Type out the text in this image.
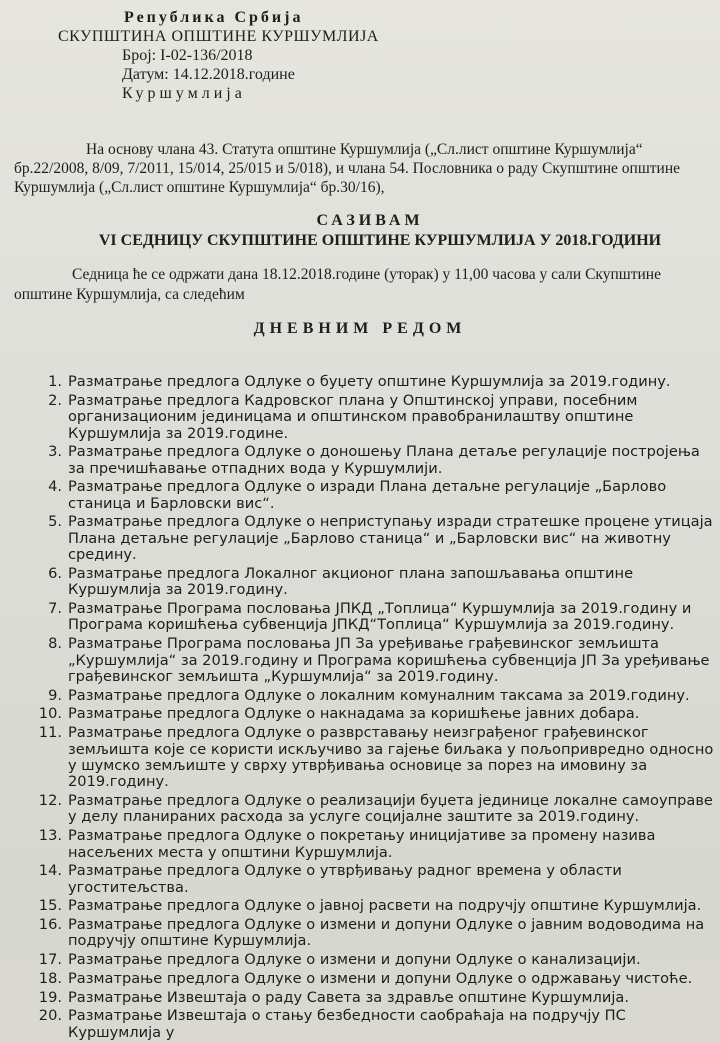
Република Србија
СКУПШТИНА ОПШТИНЕ КУРШУМЛИЈА
Број: I-02-136/2018
Датум: 14.12.2018.године
Куршумлија
На основу члана 43. Статута општине Куршумлија („Сл.лист општине Куршумлија“
бр.22/2008, 8/09, 7/2011, 15/014, 25/015 и 5/018), и члана 54. Пословника о раду Скупштине општине
Куршумлија („Сл.лист општине Куршумлија“ бр.30/16),
САЗИВАМ
VI СЕДНИЦУ СКУПШТИНЕ ОПШТИНЕ КУРШУМЛИЈА У 2018.ГОДИНИ
Седница ће се одржати дана 18.12.2018.године (уторак) у 11,00 часова у сали Скупштине
општине Куршумлија, са следећим
ДНЕВНИМ РЕДОМ
1. Разматрање предлога Одлуке о буџету општине Куршумлија за 2019.годину.
2. Разматрање предлога Кадровског плана у Општинској управи, посебним организационим јединицама и општинском правобранилаштву општине Куршумлија за 2019.године.
3. Разматрање предлога Одлуке о доношењу Плана детаље регулације постројења за пречишћавање отпадних вода у Куршумлији.
4. Разматрање предлога Одлуке о изради Плана детаљне регулације „Барлово станица и Барловски вис“.
5. Разматрање предлога Одлуке о неприступању изради стратешке процене утицаја Плана детаљне регулације „Барлово станица“ и „Барловски вис“ на животну средину.
6. Разматрање предлога Локалног акционог плана запошљавања општине Куршумлија за 2019.годину.
7. Разматрање Програма пословања ЈПКД „Топлица“ Куршумлија за 2019.годину и Програма коришћења субвенција ЈПКД“Топлица“ Куршумлија за 2019.годину.
8. Разматрање Програма пословања ЈП За уређивање грађевинског земљишта „Куршумлија“ за 2019.годину и Програма коришћења субвенција ЈП За уређивање грађевинског земљишта „Куршумлија“ за 2019.годину.
9. Разматрање предлога Одлуке о локалним комуналним таксама за 2019.годину.
10. Разматрање предлога Одлуке о накнадама за коришћење јавних добара.
11. Разматрање предлога Одлуке о разврставању неизграђеног грађевинског земљишта које се користи искључиво за гајење биљака у пољопривредно односно у шумско земљиште у сврху утврђивања основице за порез на имовину за 2019.годину.
12. Разматрање предлога Одлуке о реализацији буџета јединице локалне самоуправе у делу планираних расхода за услуге социјалне заштите за 2019.годину.
13. Разматрање предлога Одлуке о покретању иницијативе за промену назива насељених места у општини Куршумлија.
14. Разматрање предлога Одлуке о утврђивању радног времена у области угоститељства.
15. Разматрање предлога Одлуке о јавној расвети на подручју општине Куршумлија.
16. Разматрање предлога Одлуке о измени и допуни Одлуке о јавним водоводима на подручју општине Куршумлија.
17. Разматрање предлога Одлуке о измени и допуни Одлуке о канализацији.
18. Разматрање предлога Одлуке о измени и допуни Одлуке о одржавању чистоће.
19. Разматрање Извештаја о раду Савета за здравље општине Куршумлија.
20. Разматрање Извештаја о стању безбедности саобраћаја на подручју ПС Куршумлија у
